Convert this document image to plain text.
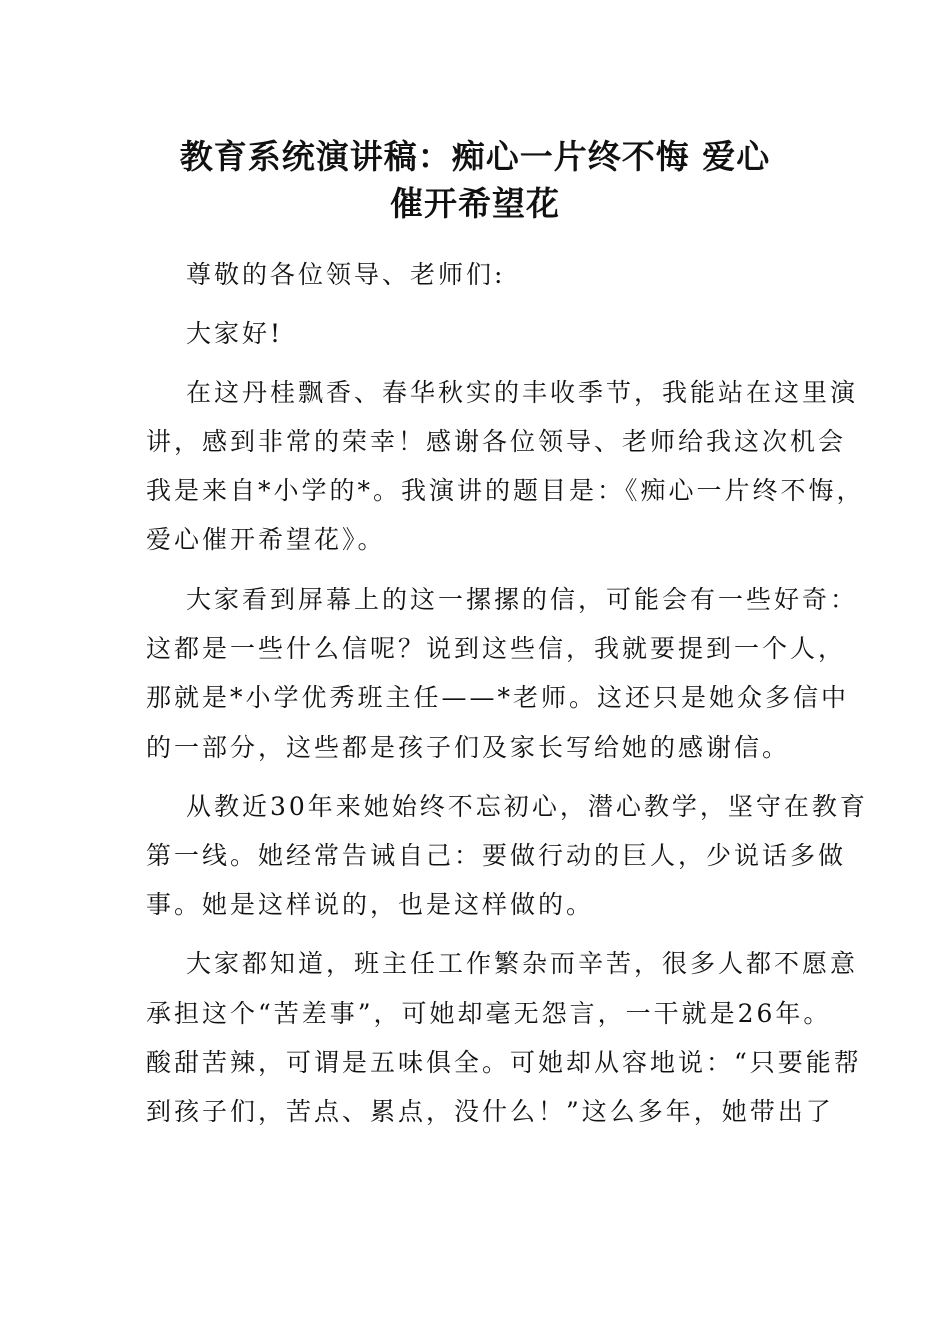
教育系统演讲稿：痴心一片终不悔 爱心
催开希望花
尊敬的各位领导、老师们:
大家好!
在这丹桂飘香、春华秋实的丰收季节，我能站在这里演
讲，感到非常的荣幸！感谢各位领导、老师给我这次机会
我是来自*小学的*。我演讲的题目是：《痴心一片终不悔，
爱心催开希望花》。
大家看到屏幕上的这一摞摞的信，可能会有一些好奇：
这都是一些什么信呢？说到这些信，我就要提到一个人，
那就是*小学优秀班主任——*老师。这还只是她众多信中
的一部分，这些都是孩子们及家长写给她的感谢信。
从教近30年来她始终不忘初心，潜心教学，坚守在教育
第一线。她经常告诫自己：要做行动的巨人，少说话多做
事。她是这样说的，也是这样做的。
大家都知道，班主任工作繁杂而辛苦，很多人都不愿意
承担这个“苦差事”，可她却毫无怨言，一干就是26年。
酸甜苦辣，可谓是五味俱全。可她却从容地说：“只要能帮
到孩子们，苦点、累点，没什么！”这么多年，她带出了
